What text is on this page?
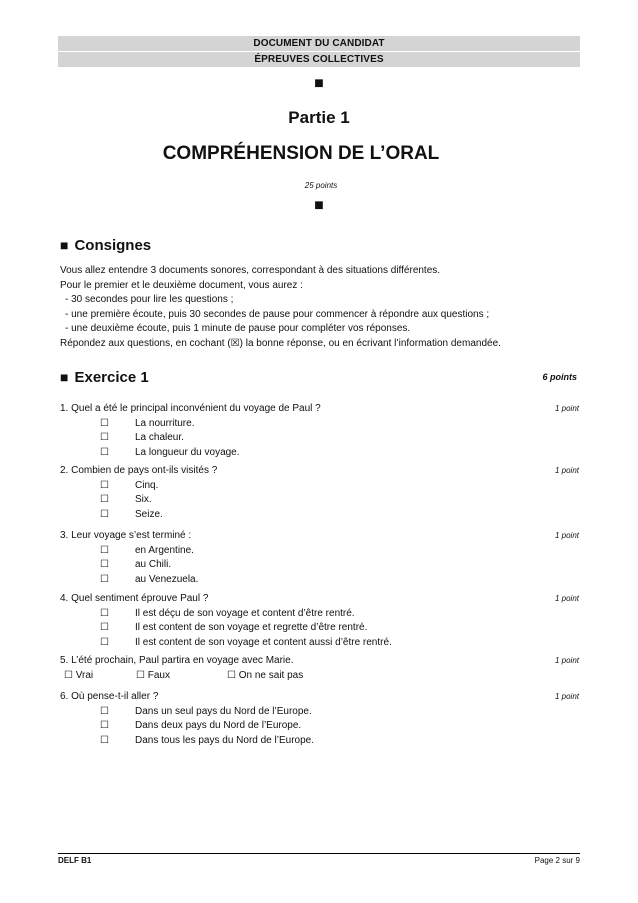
DOCUMENT DU CANDIDAT
ÉPREUVES COLLECTIVES
■
Partie 1
COMPRÉHENSION DE L’ORAL
25 points
■
■ Consignes
Vous allez entendre 3 documents sonores, correspondant à des situations différentes.
Pour le premier et le deuxième document, vous aurez :
- 30 secondes pour lire les questions ;
- une première écoute, puis 30 secondes de pause pour commencer à répondre aux questions ;
- une deuxième écoute, puis 1 minute de pause pour compléter vos réponses.
Répondez aux questions, en cochant (☒) la bonne réponse, ou en écrivant l’information demandée.
■ Exercice 1	6 points
1. Quel a été le principal inconvénient du voyage de Paul ?	1 point
☐	La nourriture.
☐	La chaleur.
☐	La longueur du voyage.
2. Combien de pays ont-ils visités ?	1 point
☐	Cinq.
☐	Six.
☐	Seize.
3. Leur voyage s’est terminé :	1 point
☐	en Argentine.
☐	au Chili.
☐	au Venezuela.
4. Quel sentiment éprouve Paul ?	1 point
☐	Il est déçu de son voyage et content d’être rentré.
☐	Il est content de son voyage et regrette d’être rentré.
☐	Il est content de son voyage et content aussi d’être rentré.
5. L’été prochain, Paul partira en voyage avec Marie.	1 point
☐ Vrai	☐ Faux	☐ On ne sait pas
6. Où pense-t-il aller ?	1 point
☐	Dans un seul pays du Nord de l’Europe.
☐	Dans deux pays du Nord de l’Europe.
☐	Dans tous les pays du Nord de l’Europe.
DELF B1	Page 2 sur 9
